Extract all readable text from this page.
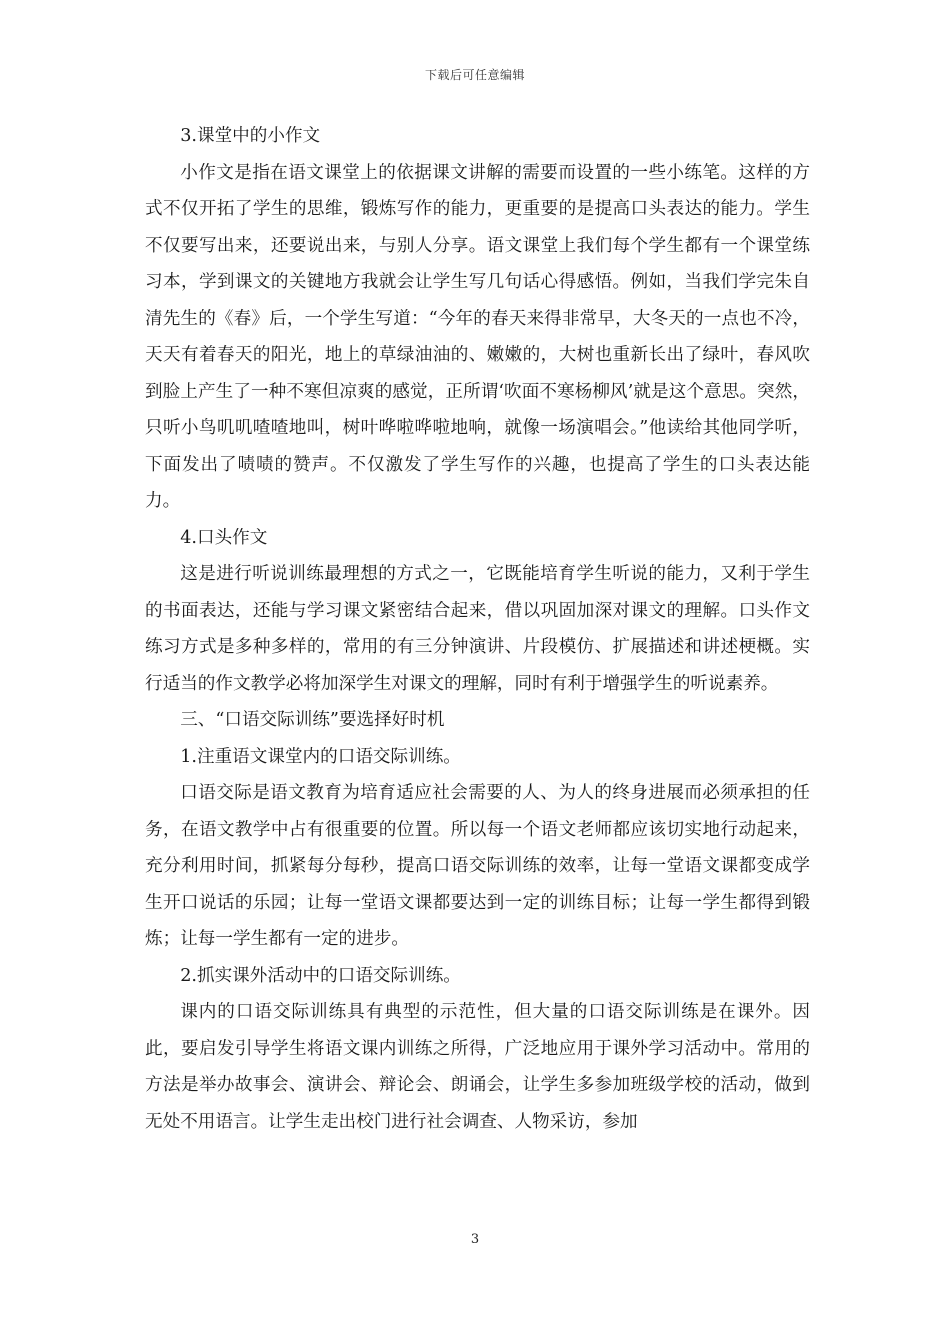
下载后可任意编辑

3.课堂中的小作文

小作文是指在语文课堂上的依据课文讲解的需要而设置的一些小练笔。这样的方式不仅开拓了学生的思维，锻炼写作的能力，更重要的是提高口头表达的能力。学生不仅要写出来，还要说出来，与别人分享。语文课堂上我们每个学生都有一个课堂练习本，学到课文的关键地方我就会让学生写几句话心得感悟。例如，当我们学完朱自清先生的《春》后，一个学生写道：“今年的春天来得非常早，大冬天的一点也不冷，天天有着春天的阳光，地上的草绿油油的、嫩嫩的，大树也重新长出了绿叶，春风吹到脸上产生了一种不寒但凉爽的感觉，正所谓‘吹面不寒杨柳风’就是这个意思。突然，只听小鸟叽叽喳喳地叫，树叶哗啦哗啦地响，就像一场演唱会。”他读给其他同学听，下面发出了啧啧的赞声。不仅激发了学生写作的兴趣，也提高了学生的口头表达能力。

4.口头作文

这是进行听说训练最理想的方式之一，它既能培育学生听说的能力，又利于学生的书面表达，还能与学习课文紧密结合起来，借以巩固加深对课文的理解。口头作文练习方式是多种多样的，常用的有三分钟演讲、片段模仿、扩展描述和讲述梗概。实行适当的作文教学必将加深学生对课文的理解，同时有利于增强学生的听说素养。

三、“口语交际训练”要选择好时机

1.注重语文课堂内的口语交际训练。

口语交际是语文教育为培育适应社会需要的人、为人的终身进展而必须承担的任务，在语文教学中占有很重要的位置。所以每一个语文老师都应该切实地行动起来，充分利用时间，抓紧每分每秒，提高口语交际训练的效率，让每一堂语文课都变成学生开口说话的乐园；让每一堂语文课都要达到一定的训练目标；让每一学生都得到锻炼；让每一学生都有一定的进步。

2.抓实课外活动中的口语交际训练。

课内的口语交际训练具有典型的示范性，但大量的口语交际训练是在课外。因此，要启发引导学生将语文课内训练之所得，广泛地应用于课外学习活动中。常用的方法是举办故事会、演讲会、辩论会、朗诵会，让学生多参加班级学校的活动，做到无处不用语言。让学生走出校门进行社会调查、人物采访，参加

3
